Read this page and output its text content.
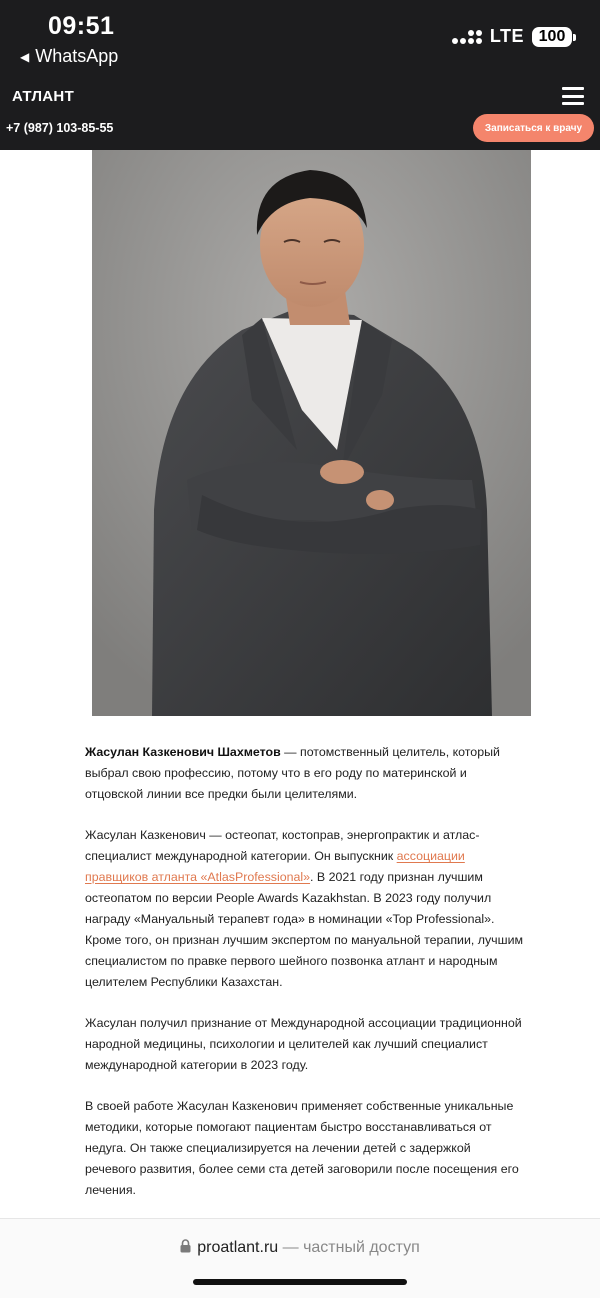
09:51
◀ WhatsApp
LTE 100
АТЛАНТ
+7 (987) 103-85-55	Записаться к врачу

Жасулан Казкенович Шахметов — потомственный целитель, который выбрал свою профессию, потому что в его роду по материнской и отцовской линии все предки были целителями.

Жасулан Казкенович — остеопат, костоправ, энергопрактик и атлас-специалист международной категории. Он выпускник ассоциации правщиков атланта «AtlasProfessional». В 2021 году признан лучшим остеопатом по версии People Awards Kazakhstan. В 2023 году получил награду «Мануальный терапевт года» в номинации «Top Professional». Кроме того, он признан лучшим экспертом по мануальной терапии, лучшим специалистом по правке первого шейного позвонка атлант и народным целителем Республики Казахстан.

Жасулан получил признание от Международной ассоциации традиционной народной медицины, психологии и целителей как лучший специалист международной категории в 2023 году.

В своей работе Жасулан Казкенович применяет собственные уникальные методики, которые помогают пациентам быстро восстанавливаться от недуга. Он также специализируется на лечении детей с задержкой речевого развития, более семи ста детей заговорили после посещения его лечения.

proatlant.ru — частный доступ
